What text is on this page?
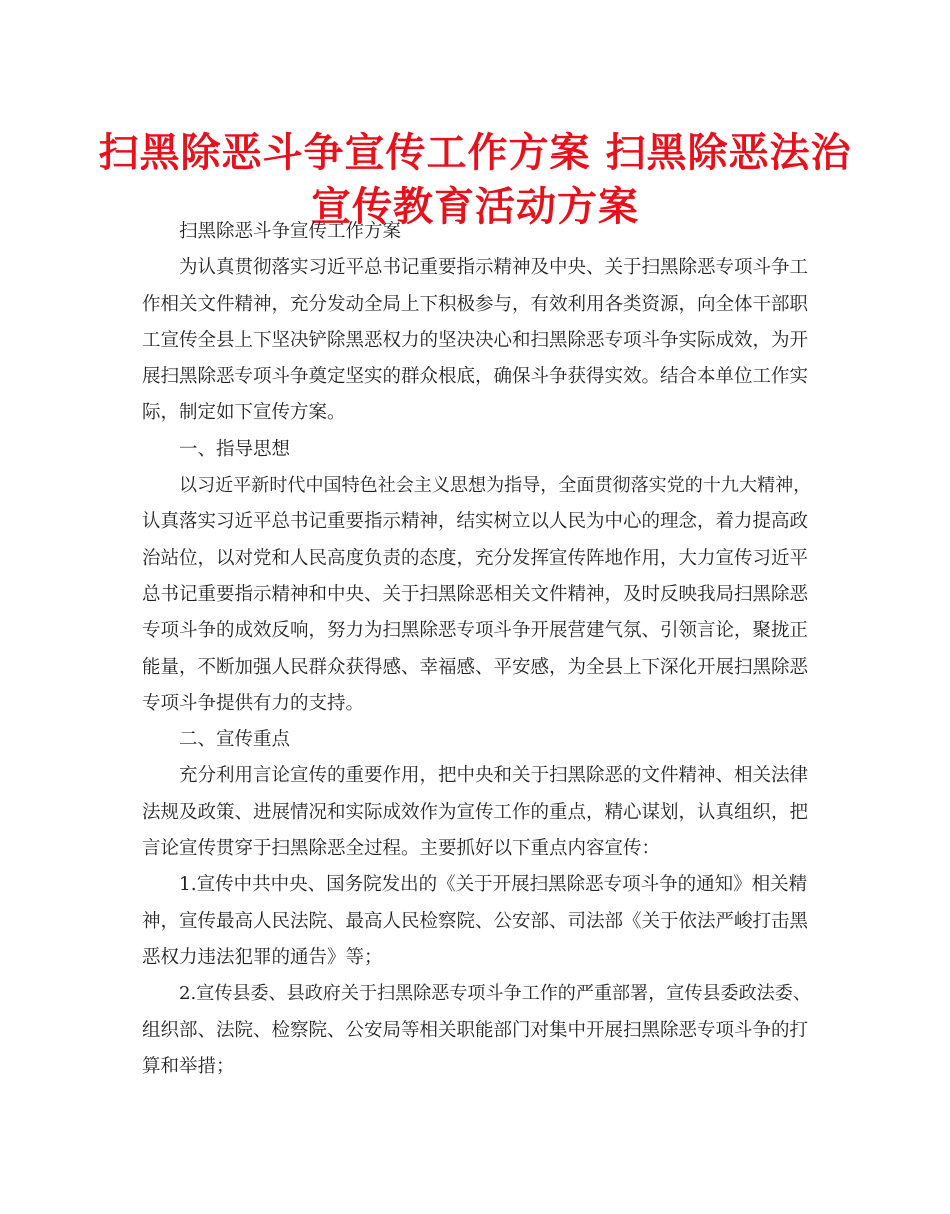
扫黑除恶斗争宣传工作方案 扫黑除恶法治
宣传教育活动方案
扫黑除恶斗争宣传工作方案
为认真贯彻落实习近平总书记重要指示精神及中央、关于扫黑除恶专项斗争工
作相关文件精神，充分发动全局上下积极参与，有效利用各类资源，向全体干部职
工宣传全县上下坚决铲除黑恶权力的坚决决心和扫黑除恶专项斗争实际成效，为开
展扫黑除恶专项斗争奠定坚实的群众根底，确保斗争获得实效。结合本单位工作实
际，制定如下宣传方案。
一、指导思想
以习近平新时代中国特色社会主义思想为指导，全面贯彻落实党的十九大精神，
认真落实习近平总书记重要指示精神，结实树立以人民为中心的理念，着力提高政
治站位，以对党和人民高度负责的态度，充分发挥宣传阵地作用，大力宣传习近平
总书记重要指示精神和中央、关于扫黑除恶相关文件精神，及时反映我局扫黑除恶
专项斗争的成效反响，努力为扫黑除恶专项斗争开展营建气氛、引领言论，聚拢正
能量，不断加强人民群众获得感、幸福感、平安感，为全县上下深化开展扫黑除恶
专项斗争提供有力的支持。
二、宣传重点
充分利用言论宣传的重要作用，把中央和关于扫黑除恶的文件精神、相关法律
法规及政策、进展情况和实际成效作为宣传工作的重点，精心谋划，认真组织，把
言论宣传贯穿于扫黑除恶全过程。主要抓好以下重点内容宣传：
1.宣传中共中央、国务院发出的《关于开展扫黑除恶专项斗争的通知》相关精
神，宣传最高人民法院、最高人民检察院、公安部、司法部《关于依法严峻打击黑
恶权力违法犯罪的通告》等；
2.宣传县委、县政府关于扫黑除恶专项斗争工作的严重部署，宣传县委政法委、
组织部、法院、检察院、公安局等相关职能部门对集中开展扫黑除恶专项斗争的打
算和举措；
